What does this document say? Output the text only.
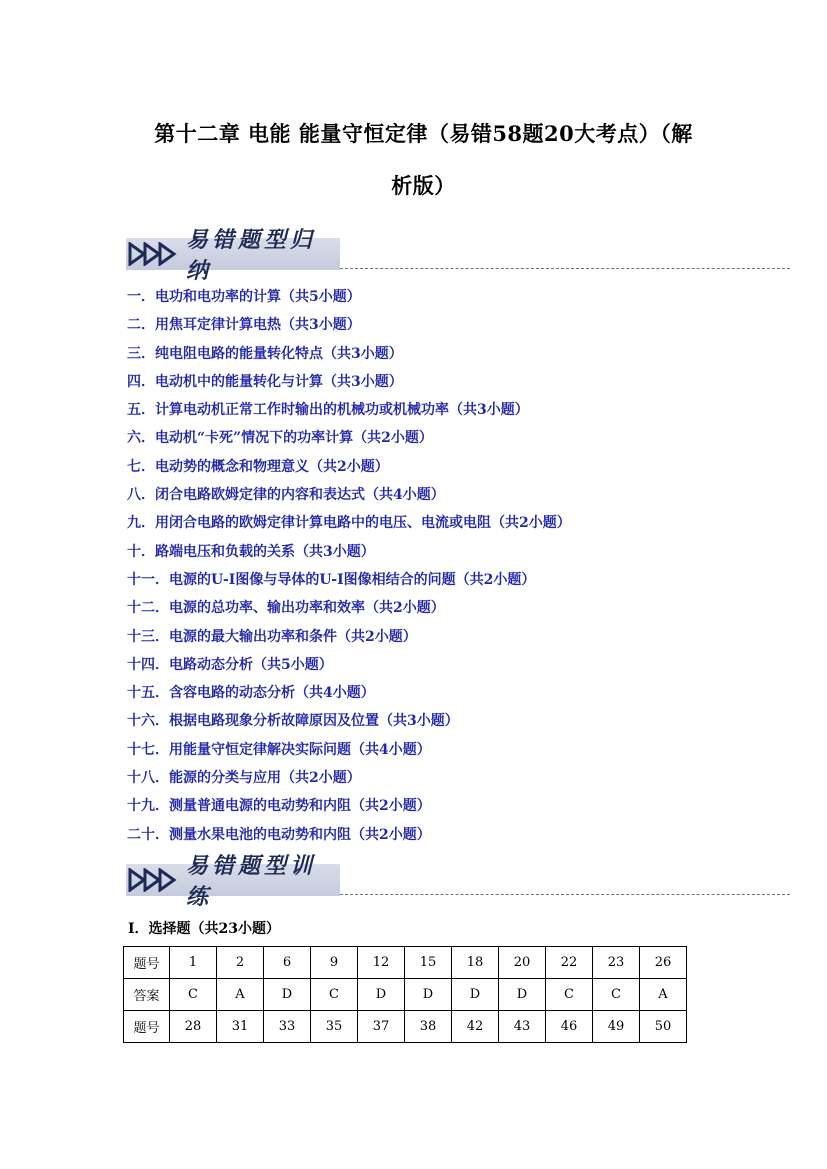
第十二章 电能 能量守恒定律（易错58题20大考点）（解
析版）
易错题型归纳
一．电功和电功率的计算（共5小题）
二．用焦耳定律计算电热（共3小题）
三．纯电阻电路的能量转化特点（共3小题）
四．电动机中的能量转化与计算（共3小题）
五．计算电动机正常工作时输出的机械功或机械功率（共3小题）
六．电动机“卡死”情况下的功率计算（共2小题）
七．电动势的概念和物理意义（共2小题）
八．闭合电路欧姆定律的内容和表达式（共4小题）
九．用闭合电路的欧姆定律计算电路中的电压、电流或电阻（共2小题）
十．路端电压和负载的关系（共3小题）
十一．电源的U-I图像与导体的U-I图像相结合的问题（共2小题）
十二．电源的总功率、输出功率和效率（共2小题）
十三．电源的最大输出功率和条件（共2小题）
十四．电路动态分析（共5小题）
十五．含容电路的动态分析（共4小题）
十六．根据电路现象分析故障原因及位置（共3小题）
十七．用能量守恒定律解决实际问题（共4小题）
十八．能源的分类与应用（共2小题）
十九．测量普通电源的电动势和内阻（共2小题）
二十．测量水果电池的电动势和内阻（共2小题）
易错题型训练
Ⅰ．选择题（共23小题）
题号	1	2	6	9	12	15	18	20	22	23	26
答案	C	A	D	C	D	D	D	D	C	C	A
题号	28	31	33	35	37	38	42	43	46	49	50
